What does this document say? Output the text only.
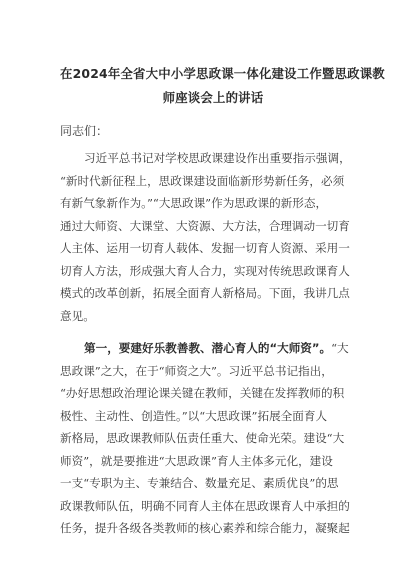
在2024年全省大中小学思政课一体化建设工作暨思政课教
师座谈会上的讲话
同志们：
习近平总书记对学校思政课建设作出重要指示强调，
“新时代新征程上，思政课建设面临新形势新任务，必须
有新气象新作为。”“大思政课”作为思政课的新形态，
通过大师资、大课堂、大资源、大方法，合理调动一切育
人主体、运用一切育人载体、发掘一切育人资源、采用一
切育人方法，形成强大育人合力，实现对传统思政课育人
模式的改革创新，拓展全面育人新格局。下面，我讲几点
意见。
第一，要建好乐教善教、潜心育人的“大师资”。“大
思政课”之大，在于“师资之大”。习近平总书记指出，
“办好思想政治理论课关键在教师，关键在发挥教师的积
极性、主动性、创造性。”以“大思政课”拓展全面育人
新格局，思政课教师队伍责任重大、使命光荣。建设“大
师资”，就是要推进“大思政课”育人主体多元化，建设
一支“专职为主、专兼结合、数量充足、素质优良”的思
政课教师队伍，明确不同育人主体在思政课育人中承担的
任务，提升各级各类教师的核心素养和综合能力，凝聚起
